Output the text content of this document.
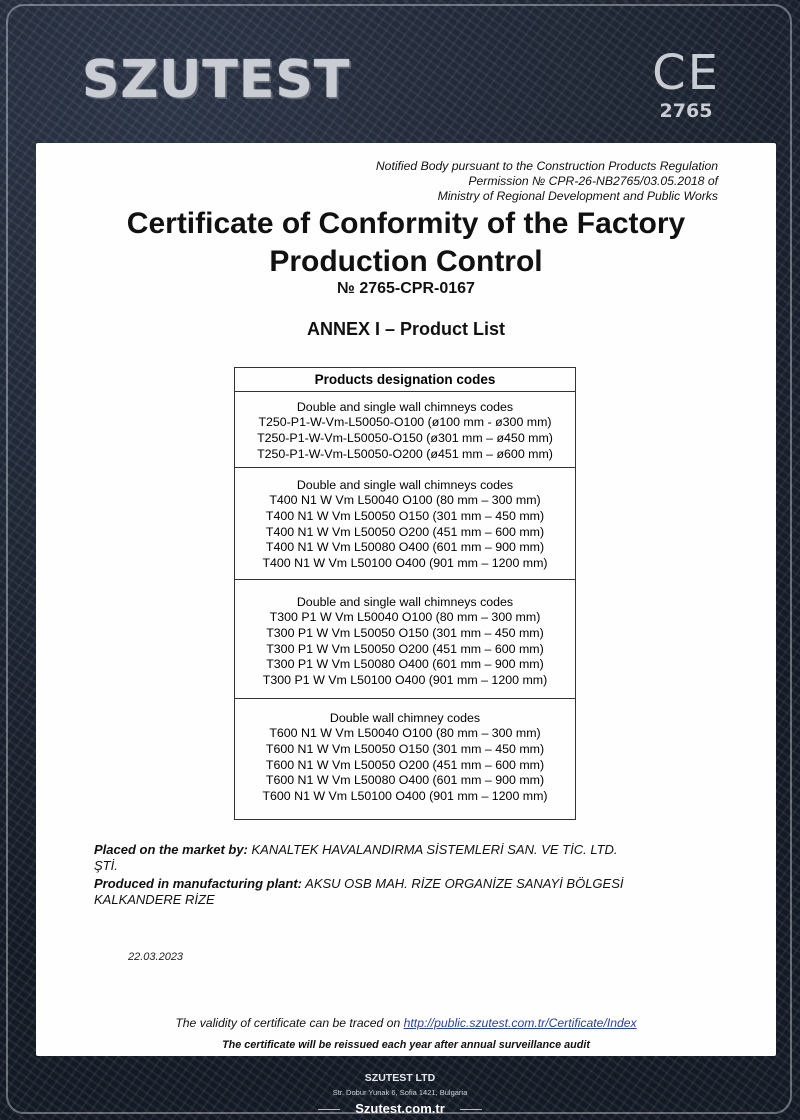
SZUTEST	CE
2765
Notified Body pursuant to the Construction Products Regulation
Permission № CPR-26-NB2765/03.05.2018 of
Ministry of Regional Development and Public Works
Certificate of Conformity of the Factory
Production Control
№ 2765-CPR-0167
ANNEX I – Product List
Products designation codes
Double and single wall chimneys codes
T250-P1-W-Vm-L50050-O100 (ø100 mm - ø300 mm)
T250-P1-W-Vm-L50050-O150 (ø301 mm – ø450 mm)
T250-P1-W-Vm-L50050-O200 (ø451 mm – ø600 mm)
Double and single wall chimneys codes
T400 N1 W Vm L50040 O100 (80 mm – 300 mm)
T400 N1 W Vm L50050 O150 (301 mm – 450 mm)
T400 N1 W Vm L50050 O200 (451 mm – 600 mm)
T400 N1 W Vm L50080 O400 (601 mm – 900 mm)
T400 N1 W Vm L50100 O400 (901 mm – 1200 mm)
Double and single wall chimneys codes
T300 P1 W Vm L50040 O100 (80 mm – 300 mm)
T300 P1 W Vm L50050 O150 (301 mm – 450 mm)
T300 P1 W Vm L50050 O200 (451 mm – 600 mm)
T300 P1 W Vm L50080 O400 (601 mm – 900 mm)
T300 P1 W Vm L50100 O400 (901 mm – 1200 mm)
Double wall chimney codes
T600 N1 W Vm L50040 O100 (80 mm – 300 mm)
T600 N1 W Vm L50050 O150 (301 mm – 450 mm)
T600 N1 W Vm L50050 O200 (451 mm – 600 mm)
T600 N1 W Vm L50080 O400 (601 mm – 900 mm)
T600 N1 W Vm L50100 O400 (901 mm – 1200 mm)
Placed on the market by: KANALTEK HAVALANDIRMA SİSTEMLERİ SAN. VE TİC. LTD.
ŞTİ.
Produced in manufacturing plant: AKSU OSB MAH. RİZE ORGANİZE SANAYİ BÖLGESİ
KALKANDERE RİZE
22.03.2023
The validity of certificate can be traced on http://public.szutest.com.tr/Certificate/Index
The certificate will be reissued each year after annual surveillance audit
SZUTEST LTD
Str. Dobur Yunak 6, Sofia 1421, Bulgaria
Szutest.com.tr
